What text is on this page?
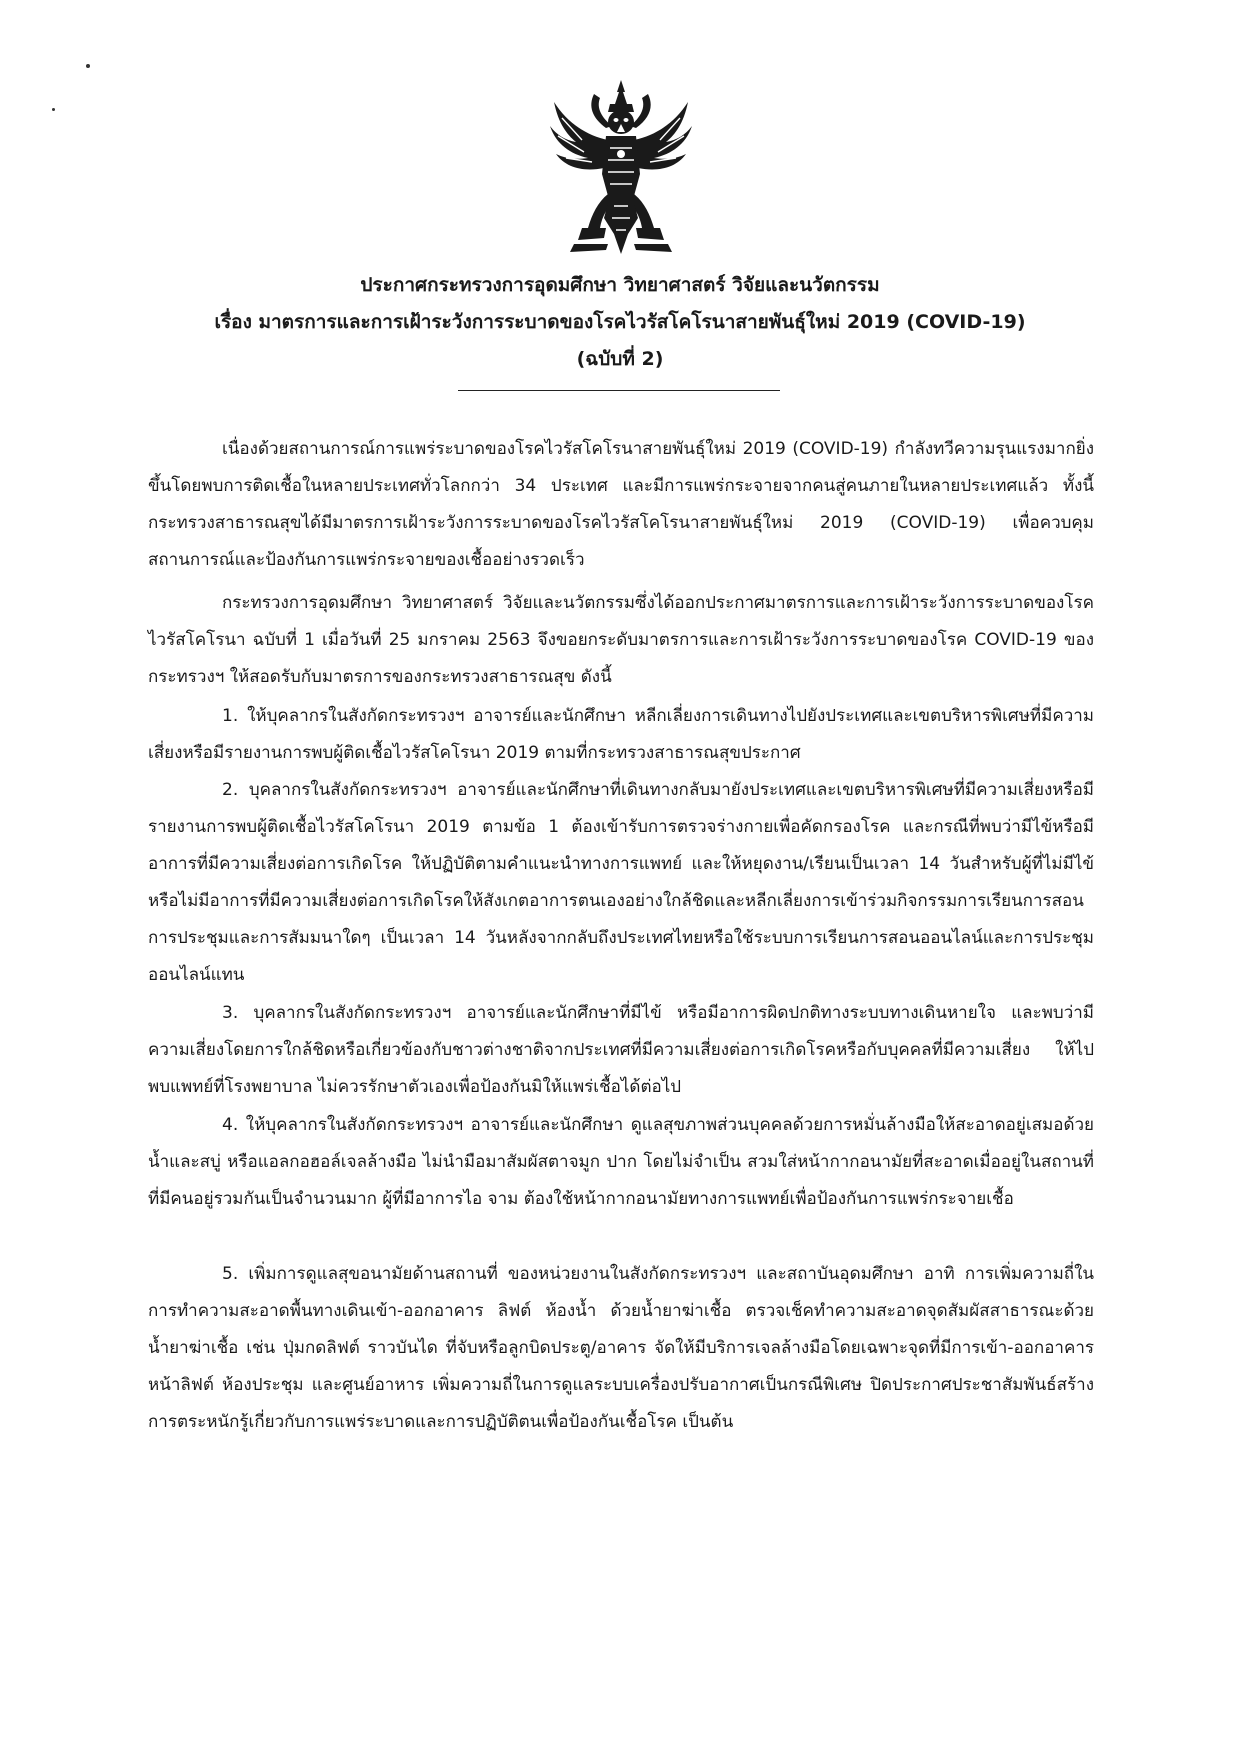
ประกาศกระทรวงการอุดมศึกษา วิทยาศาสตร์ วิจัยและนวัตกรรม
เรื่อง มาตรการและการเฝ้าระวังการระบาดของโรคไวรัสโคโรนาสายพันธุ์ใหม่ 2019 (COVID-19)
(ฉบับที่ 2)

เนื่องด้วยสถานการณ์การแพร่ระบาดของโรคไวรัสโคโรนาสายพันธุ์ใหม่ 2019 (COVID-19) กำลังทวีความรุนแรงมากยิ่งขึ้นโดยพบการติดเชื้อในหลายประเทศทั่วโลกกว่า 34 ประเทศ และมีการแพร่กระจายจากคนสู่คนภายในหลายประเทศแล้ว ทั้งนี้ กระทรวงสาธารณสุขได้มีมาตรการเฝ้าระวังการระบาดของโรคไวรัสโคโรนาสายพันธุ์ใหม่ 2019 (COVID-19) เพื่อควบคุมสถานการณ์และป้องกันการแพร่กระจายของเชื้ออย่างรวดเร็ว

กระทรวงการอุดมศึกษา วิทยาศาสตร์ วิจัยและนวัตกรรมซึ่งได้ออกประกาศมาตรการและการเฝ้าระวังการระบาดของโรคไวรัสโคโรนา ฉบับที่ 1 เมื่อวันที่ 25 มกราคม 2563 จึงขอยกระดับมาตรการและการเฝ้าระวังการระบาดของโรค COVID-19 ของกระทรวงฯ ให้สอดรับกับมาตรการของกระทรวงสาธารณสุข ดังนี้

1. ให้บุคลากรในสังกัดกระทรวงฯ อาจารย์และนักศึกษา หลีกเลี่ยงการเดินทางไปยังประเทศและเขตบริหารพิเศษที่มีความเสี่ยงหรือมีรายงานการพบผู้ติดเชื้อไวรัสโคโรนา 2019 ตามที่กระทรวงสาธารณสุขประกาศ

2. บุคลากรในสังกัดกระทรวงฯ อาจารย์และนักศึกษาที่เดินทางกลับมายังประเทศและเขตบริหารพิเศษที่มีความเสี่ยงหรือมีรายงานการพบผู้ติดเชื้อไวรัสโคโรนา 2019 ตามข้อ 1 ต้องเข้ารับการตรวจร่างกายเพื่อคัดกรองโรค และกรณีที่พบว่ามีไข้หรือมีอาการที่มีความเสี่ยงต่อการเกิดโรค ให้ปฏิบัติตามคำแนะนำทางการแพทย์ และให้หยุดงาน/เรียนเป็นเวลา 14 วันสำหรับผู้ที่ไม่มีไข้ หรือไม่มีอาการที่มีความเสี่ยงต่อการเกิดโรคให้สังเกตอาการตนเองอย่างใกล้ชิดและหลีกเลี่ยงการเข้าร่วมกิจกรรมการเรียนการสอน การประชุมและการสัมมนาใดๆ เป็นเวลา 14 วันหลังจากกลับถึงประเทศไทยหรือใช้ระบบการเรียนการสอนออนไลน์และการประชุมออนไลน์แทน

3. บุคลากรในสังกัดกระทรวงฯ อาจารย์และนักศึกษาที่มีไข้ หรือมีอาการผิดปกติทางระบบทางเดินหายใจ และพบว่ามีความเสี่ยงโดยการใกล้ชิดหรือเกี่ยวข้องกับชาวต่างชาติจากประเทศที่มีความเสี่ยงต่อการเกิดโรคหรือกับบุคคลที่มีความเสี่ยง ให้ไปพบแพทย์ที่โรงพยาบาล ไม่ควรรักษาตัวเองเพื่อป้องกันมิให้แพร่เชื้อได้ต่อไป

4. ให้บุคลากรในสังกัดกระทรวงฯ อาจารย์และนักศึกษา ดูแลสุขภาพส่วนบุคคลด้วยการหมั่นล้างมือให้สะอาดอยู่เสมอด้วยน้ำและสบู่ หรือแอลกอฮอล์เจลล้างมือ ไม่นำมือมาสัมผัสตาจมูก ปาก โดยไม่จำเป็น สวมใส่หน้ากากอนามัยที่สะอาดเมื่ออยู่ในสถานที่ที่มีคนอยู่รวมกันเป็นจำนวนมาก ผู้ที่มีอาการไอ จาม ต้องใช้หน้ากากอนามัยทางการแพทย์เพื่อป้องกันการแพร่กระจายเชื้อ

5. เพิ่มการดูแลสุขอนามัยด้านสถานที่ ของหน่วยงานในสังกัดกระทรวงฯ และสถาบันอุดมศึกษา อาทิ การเพิ่มความถี่ในการทำความสะอาดพื้นทางเดินเข้า-ออกอาคาร ลิฟต์ ห้องน้ำ ด้วยน้ำยาฆ่าเชื้อ ตรวจเช็คทำความสะอาดจุดสัมผัสสาธารณะด้วยน้ำยาฆ่าเชื้อ เช่น ปุ่มกดลิฟต์ ราวบันได ที่จับหรือลูกบิดประตู/อาคาร จัดให้มีบริการเจลล้างมือโดยเฉพาะจุดที่มีการเข้า-ออกอาคาร หน้าลิฟต์ ห้องประชุม และศูนย์อาหาร เพิ่มความถี่ในการดูแลระบบเครื่องปรับอากาศเป็นกรณีพิเศษ ปิดประกาศประชาสัมพันธ์สร้างการตระหนักรู้เกี่ยวกับการแพร่ระบาดและการปฏิบัติตนเพื่อป้องกันเชื้อโรค เป็นต้น
